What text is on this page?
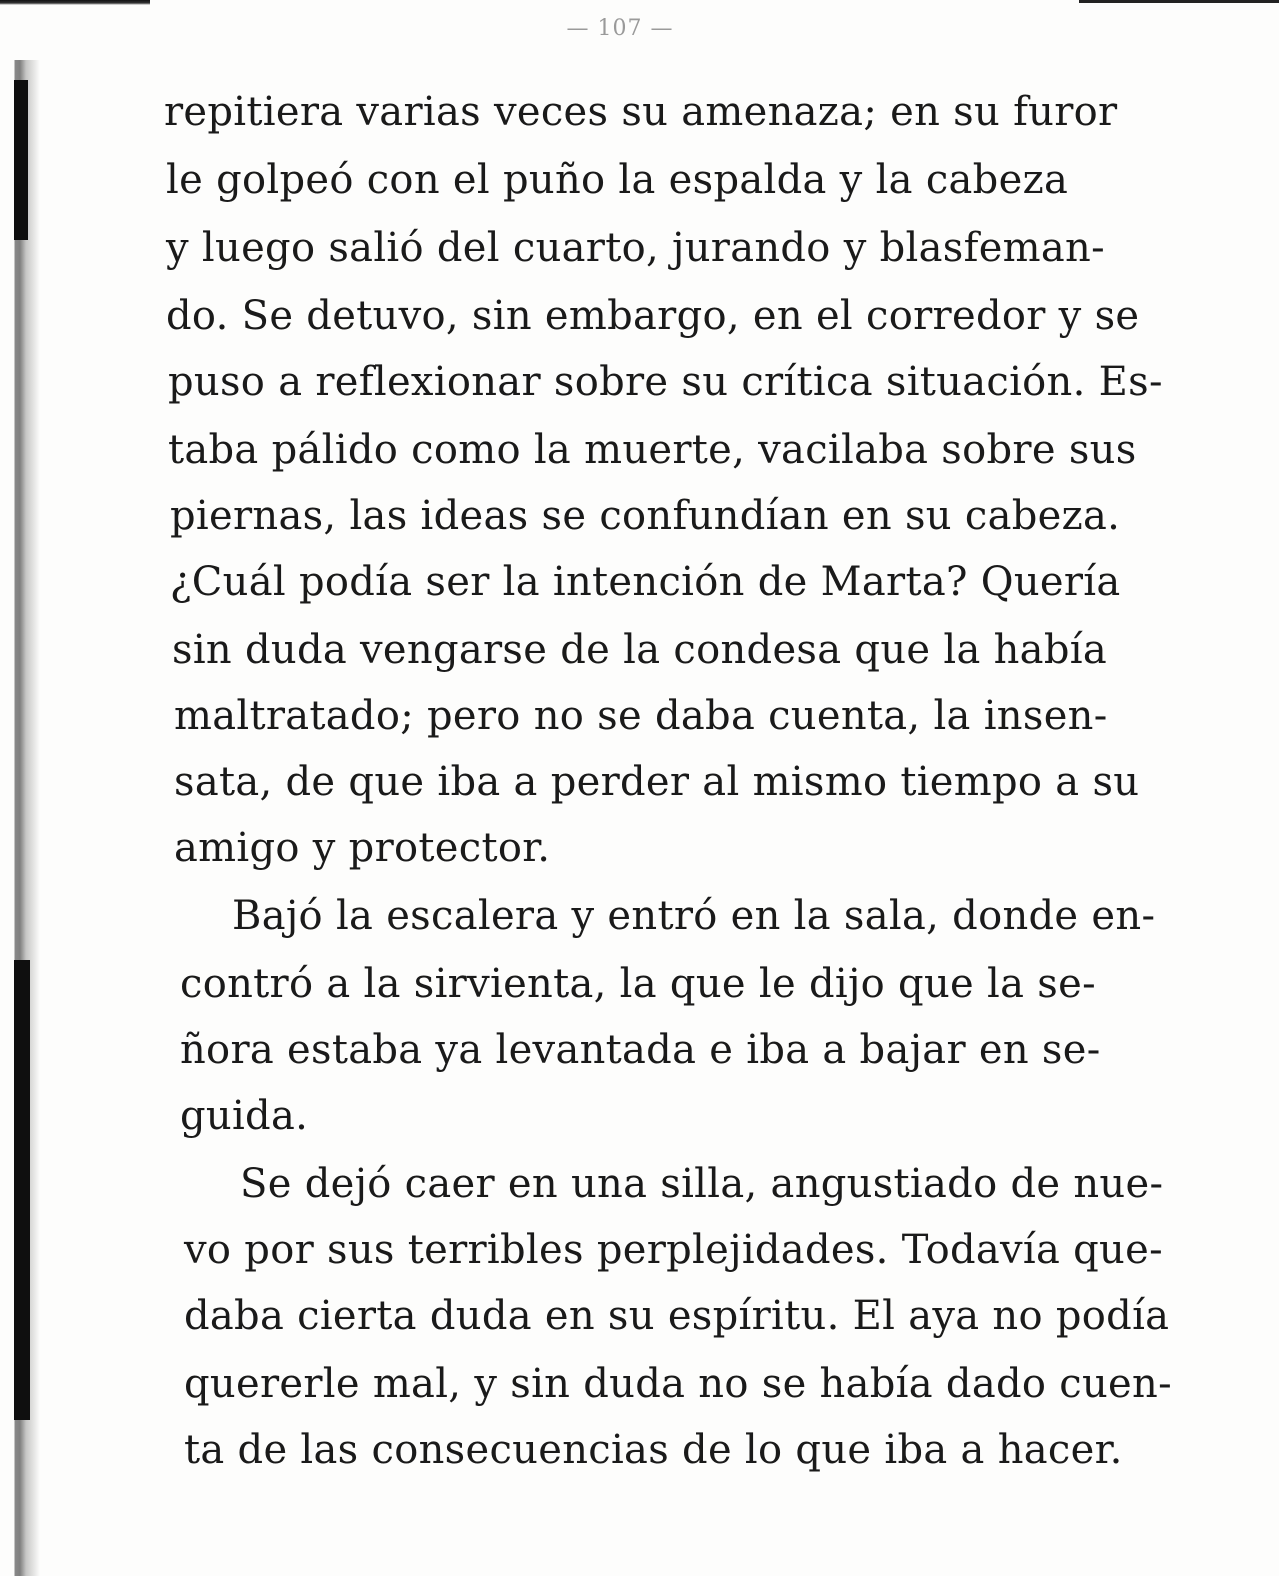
— 107 —
repitiera varias veces su amenaza; en su furor
le golpeó con el puño la espalda y la cabeza
y luego salió del cuarto, jurando y blasfeman-
do. Se detuvo, sin embargo, en el corredor y se
puso a reflexionar sobre su crítica situación. Es-
taba pálido como la muerte, vacilaba sobre sus
piernas, las ideas se confundían en su cabeza.
¿Cuál podía ser la intención de Marta? Quería
sin duda vengarse de la condesa que la había
maltratado; pero no se daba cuenta, la insen-
sata, de que iba a perder al mismo tiempo a su
amigo y protector.
Bajó la escalera y entró en la sala, donde en-
contró a la sirvienta, la que le dijo que la se-
ñora estaba ya levantada e iba a bajar en se-
guida.
Se dejó caer en una silla, angustiado de nue-
vo por sus terribles perplejidades. Todavía que-
daba cierta duda en su espíritu. El aya no podía
quererle mal, y sin duda no se había dado cuen-
ta de las consecuencias de lo que iba a hacer.
